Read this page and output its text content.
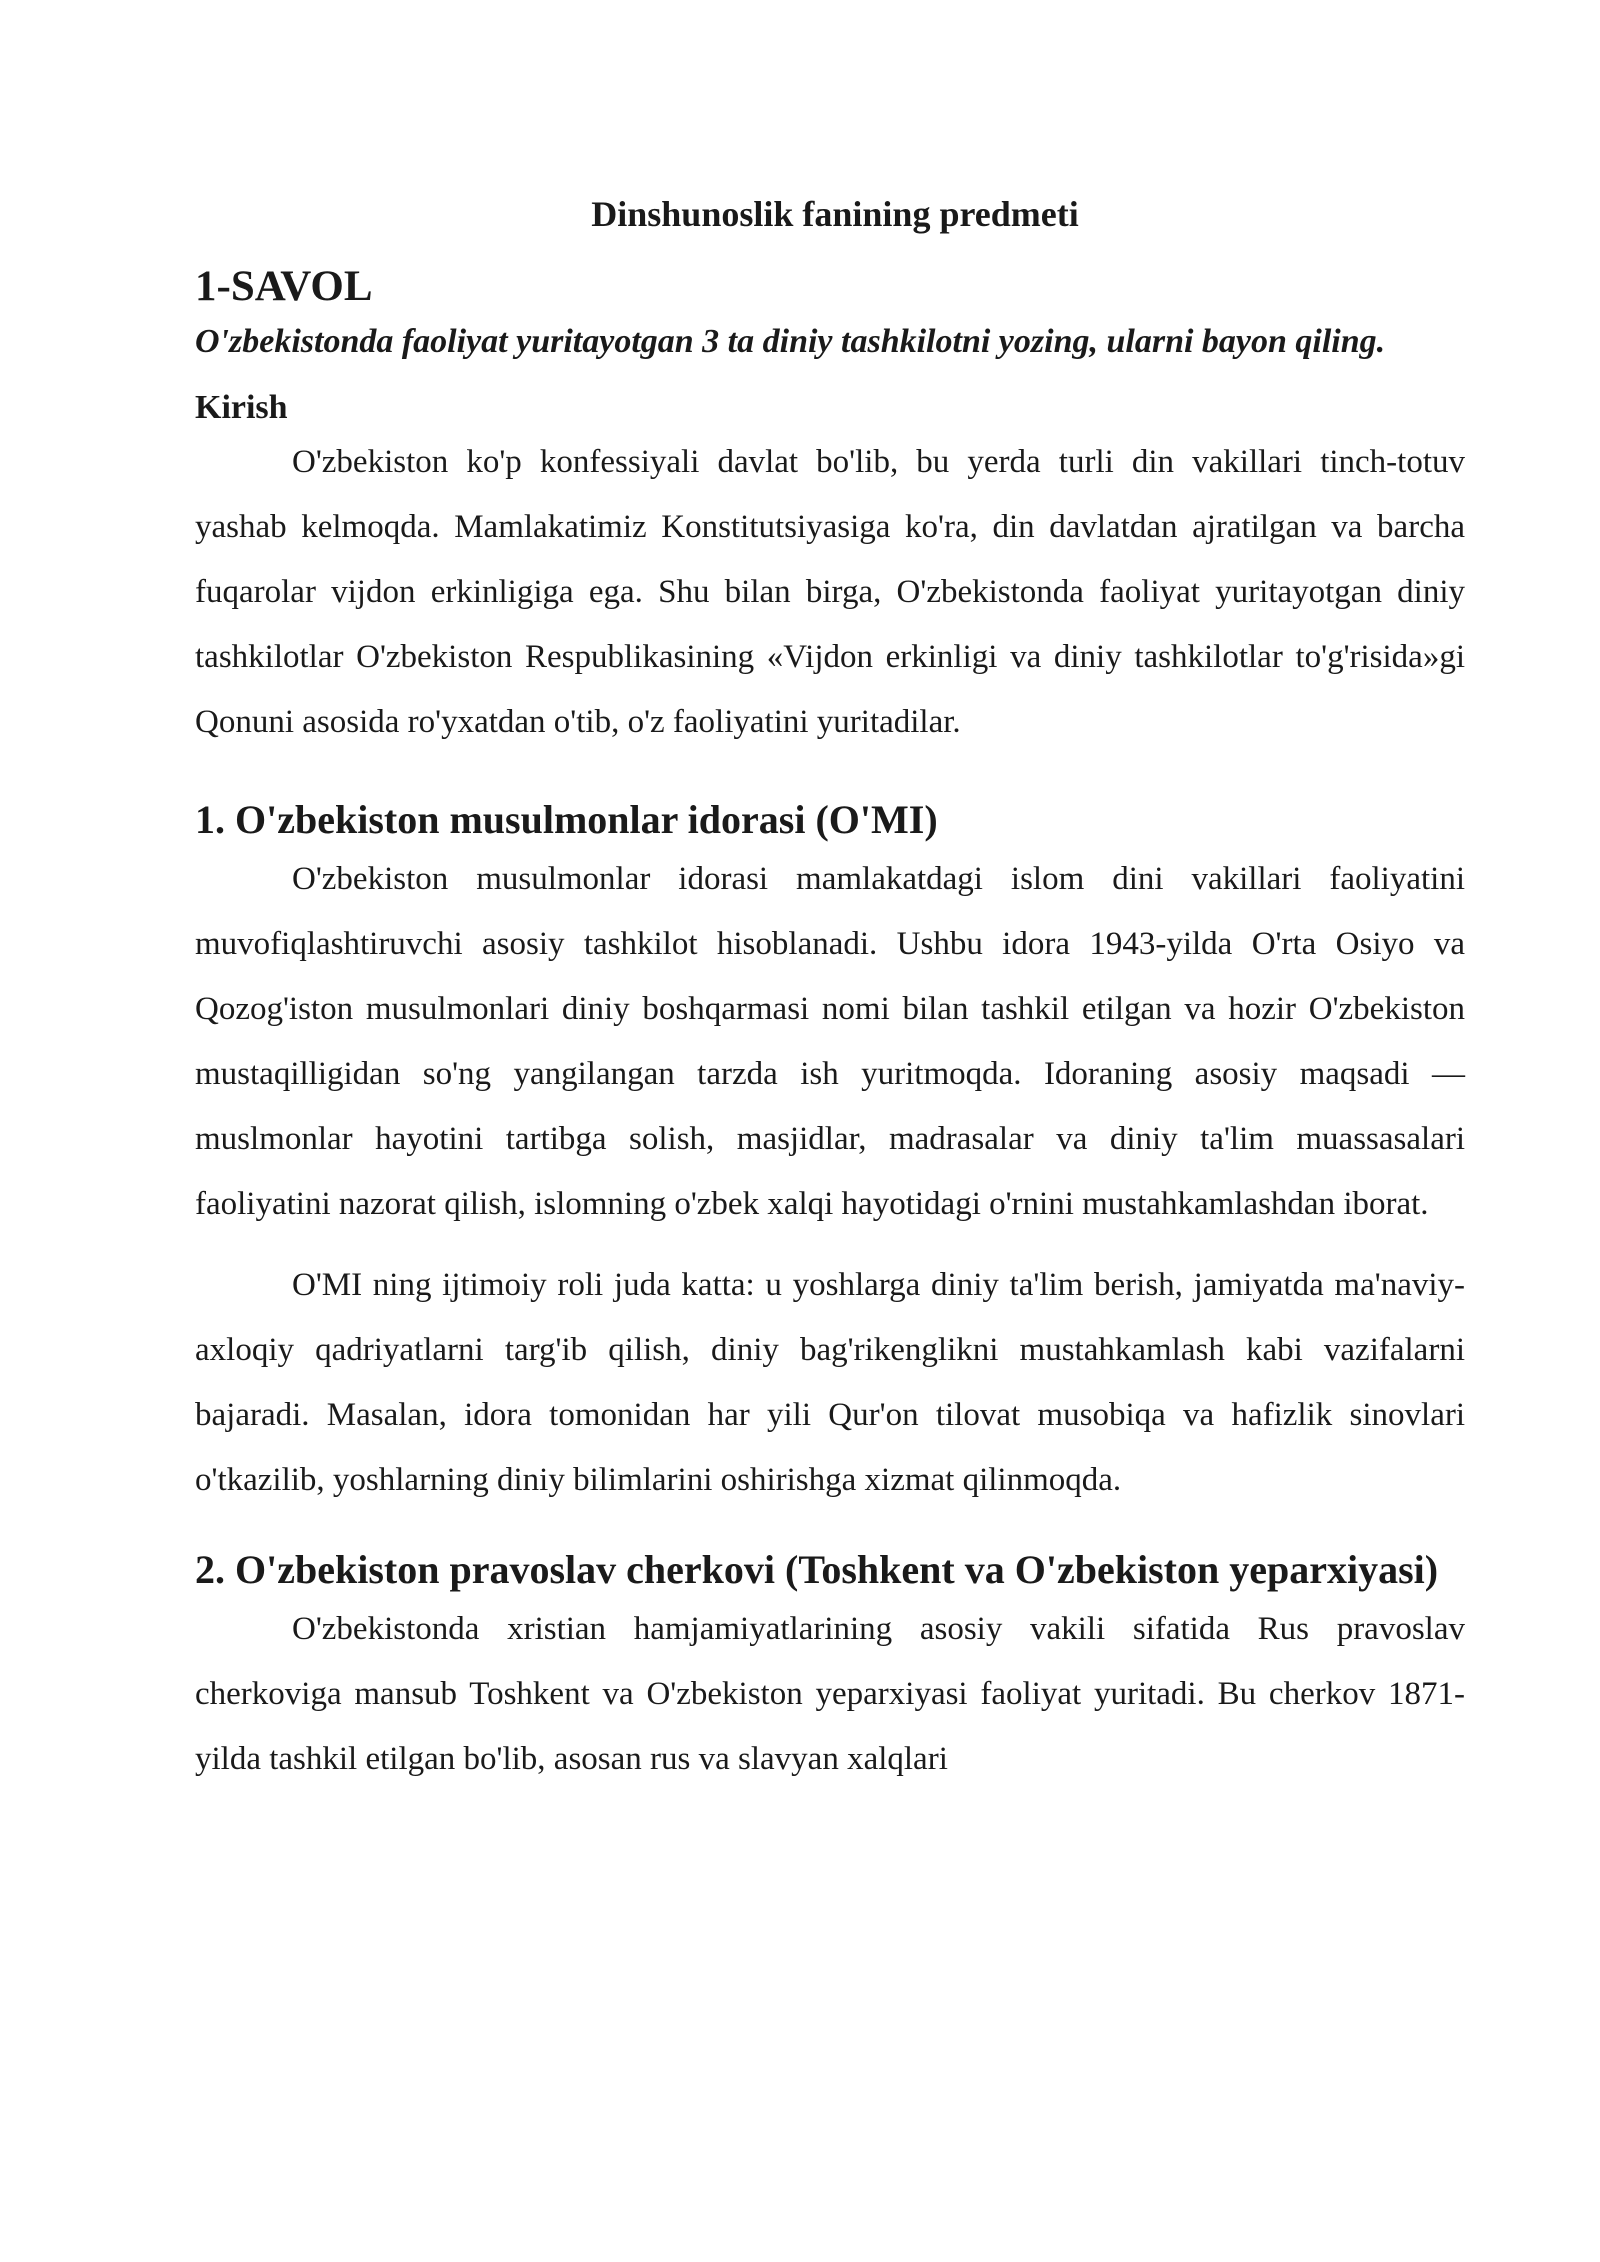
Dinshunoslik fanining predmeti
1-SAVOL

O'zbekistonda faoliyat yuritayotgan 3 ta diniy tashkilotni yozing, ularni bayon qiling.

Kirish

O'zbekiston ko'p konfessiyali davlat bo'lib, bu yerda turli din vakillari tinch-totuv yashab kelmoqda. Mamlakatimiz Konstitutsiyasiga ko'ra, din davlatdan ajratilgan va barcha fuqarolar vijdon erkinligiga ega. Shu bilan birga, O'zbekistonda faoliyat yuritayotgan diniy tashkilotlar O'zbekiston Respublikasining «Vijdon erkinligi va diniy tashkilotlar to'g'risida»gi Qonuni asosida ro'yxatdan o'tib, o'z faoliyatini yuritadilar.

1. O'zbekiston musulmonlar idorasi (O'MI)

O'zbekiston musulmonlar idorasi mamlakatdagi islom dini vakillari faoliyatini muvofiqlashtiruvchi asosiy tashkilot hisoblanadi. Ushbu idora 1943-yilda O'rta Osiyo va Qozog'iston musulmonlari diniy boshqarmasi nomi bilan tashkil etilgan va hozir O'zbekiston mustaqilligidan so'ng yangilangan tarzda ish yuritmoqda. Idoraning asosiy maqsadi — muslmonlar hayotini tartibga solish, masjidlar, madrasalar va diniy ta'lim muassasalari faoliyatini nazorat qilish, islomning o'zbek xalqi hayotidagi o'rnini mustahkamlashdan iborat.

O'MI ning ijtimoiy roli juda katta: u yoshlarga diniy ta'lim berish, jamiyatda ma'naviy-axloqiy qadriyatlarni targ'ib qilish, diniy bag'rikenglikni mustahkamlash kabi vazifalarni bajaradi. Masalan, idora tomonidan har yili Qur'on tilovat musobiqa va hafizlik sinovlari o'tkazilib, yoshlarning diniy bilimlarini oshirishga xizmat qilinmoqda.

2. O'zbekiston pravoslav cherkovi (Toshkent va O'zbekiston yeparxiyasi)

O'zbekistonda xristian hamjamiyatlarining asosiy vakili sifatida Rus pravoslav cherkoviga mansub Toshkent va O'zbekiston yeparxiyasi faoliyat yuritadi. Bu cherkov 1871-yilda tashkil etilgan bo'lib, asosan rus va slavyan xalqlari
